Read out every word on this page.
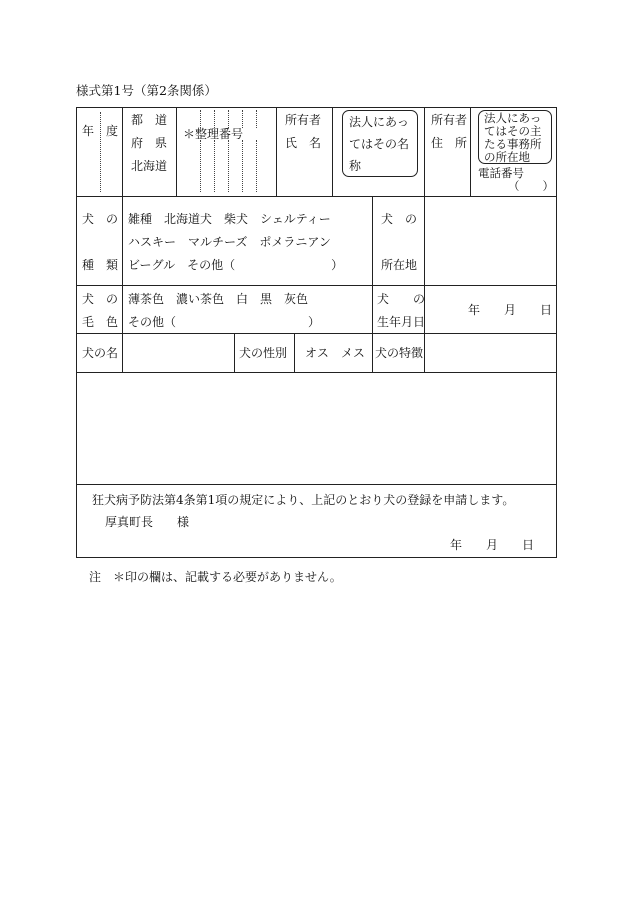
様式第1号（第2条関係）
年 度
都　道
府　県
北海道
＊整理番号
所有者
氏　名
法人にあっ
てはその名
称
所有者
住　所
法人にあっ
てはその主
たる事務所
の所在地
電話番号
（　　）
犬　の
種　類
雑種　北海道犬　柴犬　シェルティー
ハスキー　マルチーズ　ポメラニアン
ビーグル　その他（　　　　　　　　）
犬　の
所在地
犬　の
毛　色
薄茶色　濃い茶色　白　黒　灰色
その他（　　　　　　　　　　　）
犬　　の
生年月日
年　　月　　日
犬の名	犬の性別 オス　メス 犬の特徴
狂犬病予防法第4条第1項の規定により、上記のとおり犬の登録を申請します。
厚真町長　　様
年　　月　　日
注　＊印の欄は、記載する必要がありません。
